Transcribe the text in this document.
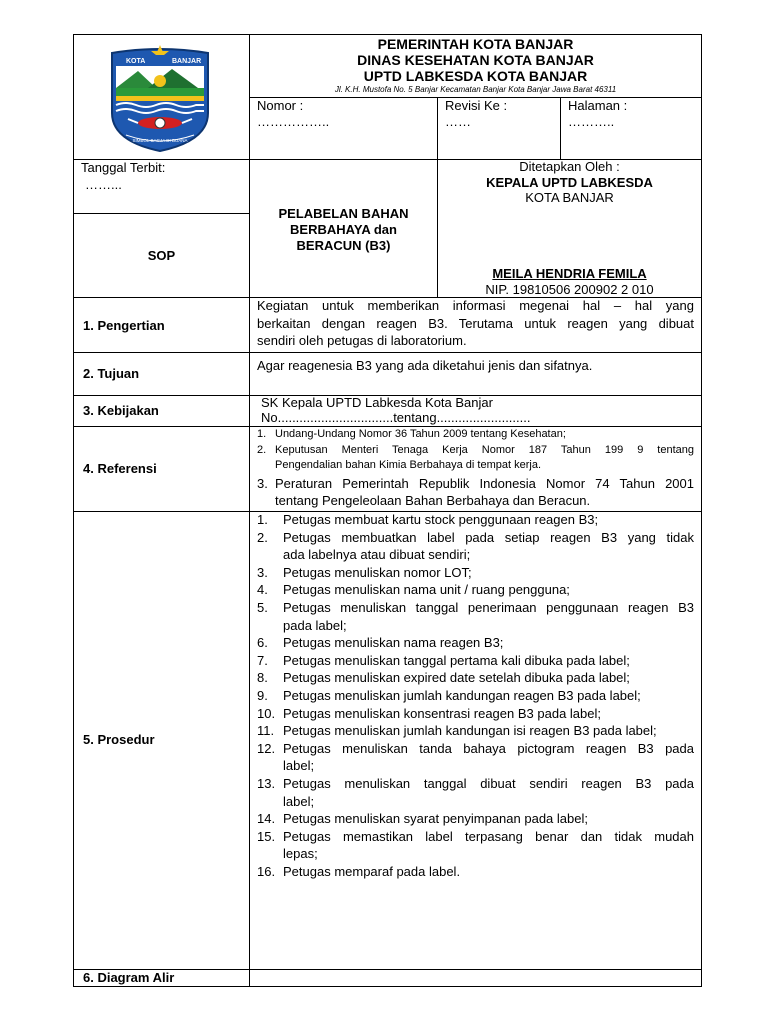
KOTA	BANJAR
SIMBOL BAGJA DI BUANA
PEMERINTAH KOTA BANJAR
DINAS KESEHATAN KOTA BANJAR
UPTD LABKESDA KOTA BANJAR
Jl. K.H. Mustofa No. 5 Banjar Kecamatan Banjar Kota Banjar Jawa Barat 46311
Nomor :
……………..
Revisi Ke :
……
Halaman :
………..
Tanggal Terbit:
……...
SOP
PELABELAN BAHAN
BERBAHAYA dan
BERACUN (B3)
Ditetapkan Oleh :
KEPALA UPTD LABKESDA
KOTA BANJAR
MEILA HENDRIA FEMILA
NIP. 19810506 200902 2 010
1. Pengertian
2. Tujuan
3. Kebijakan
4. Referensi
5. Prosedur
6. Diagram Alir
Kegiatan untuk memberikan informasi megenai hal – hal yang
berkaitan dengan reagen B3. Terutama untuk reagen yang dibuat
sendiri oleh petugas di laboratorium.
Agar reagenesia B3 yang ada diketahui jenis dan sifatnya.
SK Kepala UPTD Labkesda Kota Banjar
No................................tentang..........................
1. Undang-Undang Nomor 36 Tahun 2009 tentang Kesehatan;
2. Keputusan Menteri Tenaga Kerja Nomor 187 Tahun 199 9 tentang
Pengendalian bahan Kimia Berbahaya di tempat kerja.
3. Peraturan Pemerintah Republik Indonesia Nomor 74 Tahun 2001
tentang Pengeleolaan Bahan Berbahaya dan Beracun.
1. Petugas membuat kartu stock penggunaan reagen B3;
2. Petugas membuatkan label pada setiap reagen B3 yang tidak
ada labelnya atau dibuat sendiri;
3. Petugas menuliskan nomor LOT;
4. Petugas menuliskan nama unit / ruang pengguna;
5. Petugas menuliskan tanggal penerimaan penggunaan reagen B3
pada label;
6. Petugas menuliskan nama reagen B3;
7. Petugas menuliskan tanggal pertama kali dibuka pada label;
8. Petugas menuliskan expired date setelah dibuka pada label;
9. Petugas menuliskan jumlah kandungan reagen B3 pada label;
10. Petugas menuliskan konsentrasi reagen B3 pada label;
11. Petugas menuliskan jumlah kandungan isi reagen B3 pada label;
12. Petugas menuliskan tanda bahaya pictogram reagen B3 pada
label;
13. Petugas menuliskan tanggal dibuat sendiri reagen B3 pada
label;
14. Petugas menuliskan syarat penyimpanan pada label;
15. Petugas memastikan label terpasang benar dan tidak mudah
lepas;
16. Petugas memparaf pada label.
